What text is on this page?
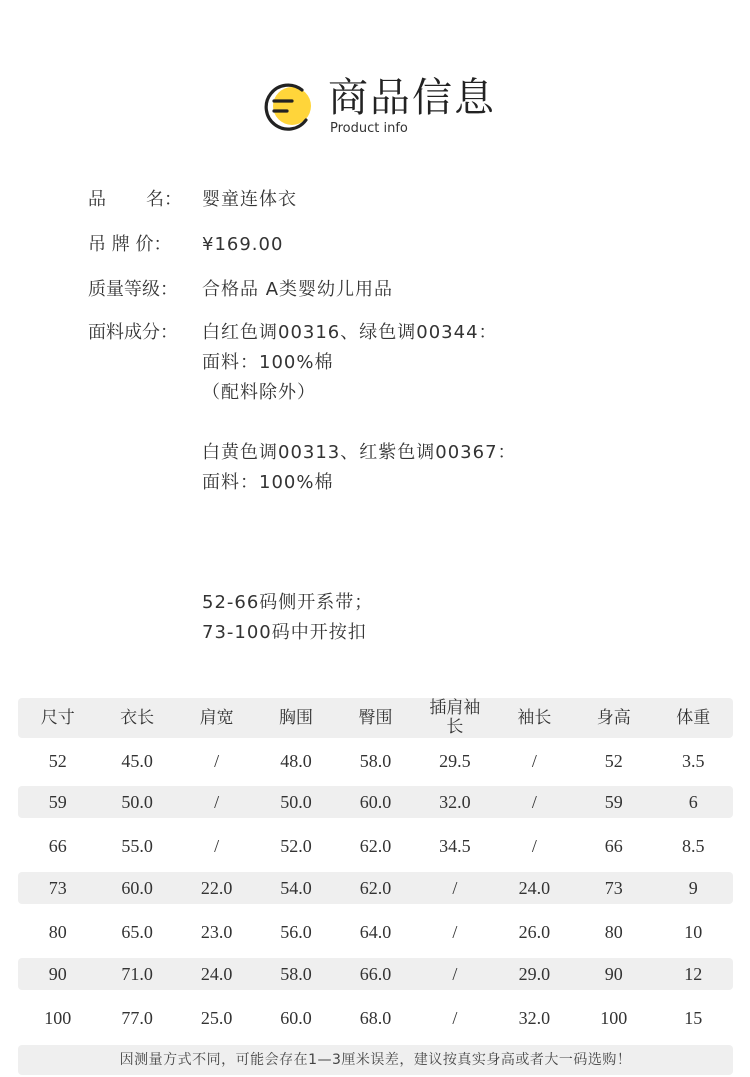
商品信息
Product info
品 名：	婴童连体衣
吊 牌 价：	¥169.00
质量等级：	合格品 A类婴幼儿用品
面料成分：	白红色调00316、绿色调00344：
面料：100%棉
（配料除外）
白黄色调00313、红紫色调00367：
面料：100%棉
52-66码侧开系带；
73-100码中开按扣
尺寸	衣长	肩宽	胸围	臀围	插肩袖长	袖长	身高	体重
52	45.0	/	48.0	58.0	29.5	/	52	3.5
59	50.0	/	50.0	60.0	32.0	/	59	6
66	55.0	/	52.0	62.0	34.5	/	66	8.5
73	60.0	22.0	54.0	62.0	/	24.0	73	9
80	65.0	23.0	56.0	64.0	/	26.0	80	10
90	71.0	24.0	58.0	66.0	/	29.0	90	12
100	77.0	25.0	60.0	68.0	/	32.0	100	15
因测量方式不同，可能会存在1—3厘米误差，建议按真实身高或者大一码选购！
